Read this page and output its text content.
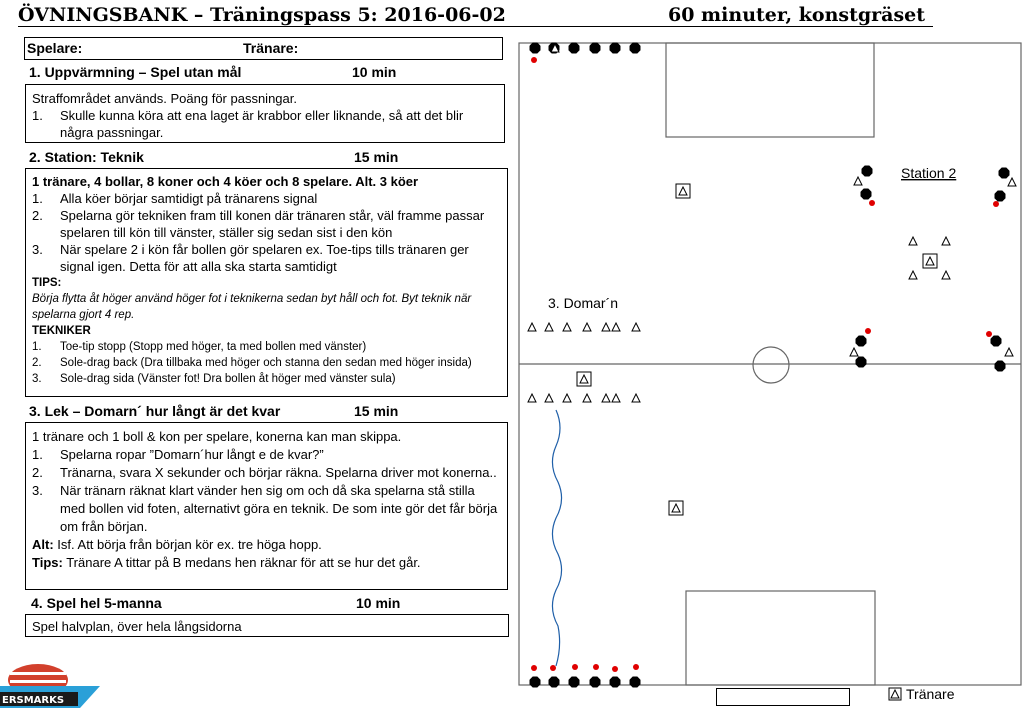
ÖVNINGSBANK – Träningspass 5: 2016-06-02	60 minuter, konstgräset
Spelare:	Tränare:
1. Uppvärmning – Spel utan mål	10 min
Straffområdet används. Poäng för passningar.
1. Skulle kunna köra att ena laget är krabbor eller liknande, så att det blir några passningar.
2. Station: Teknik	15 min
1 tränare, 4 bollar, 8 koner och 4 köer och 8 spelare. Alt. 3 köer
1. Alla köer börjar samtidigt på tränarens signal
2. Spelarna gör tekniken fram till konen där tränaren står, väl framme passar spelaren till kön till vänster, ställer sig sedan sist i den kön
3. När spelare 2 i kön får bollen gör spelaren ex. Toe-tips tills tränaren ger signal igen. Detta för att alla ska starta samtidigt
TIPS:
Börja flytta åt höger använd höger fot i teknikerna sedan byt håll och fot. Byt teknik när spelarna gjort 4 rep.
TEKNIKER
1. Toe-tip stopp (Stopp med höger, ta med bollen med vänster)
2. Sole-drag back (Dra tillbaka med höger och stanna den sedan med höger insida)
3. Sole-drag sida (Vänster fot! Dra bollen åt höger med vänster sula)
3. Lek – Domarn´ hur långt är det kvar	15 min
1 tränare och 1 boll & kon per spelare, konerna kan man skippa.
1. Spelarna ropar ”Domarn´hur långt e de kvar?”
2. Tränarna, svara X sekunder och börjar räkna. Spelarna driver mot konerna..
3. När tränarn räknat klart vänder hen sig om och då ska spelarna stå stilla med bollen vid foten, alternativt göra en teknik. De som inte gör det får börja om från början.
Alt: Isf. Att börja från början kör ex. tre höga hopp.
Tips: Tränare A tittar på B medans hen räknar för att se hur det går.
4. Spel hel 5-manna	10 min
Spel halvplan, över hela långsidorna
ERSMARKS
Station 2
3. Domar´n
Tränare
